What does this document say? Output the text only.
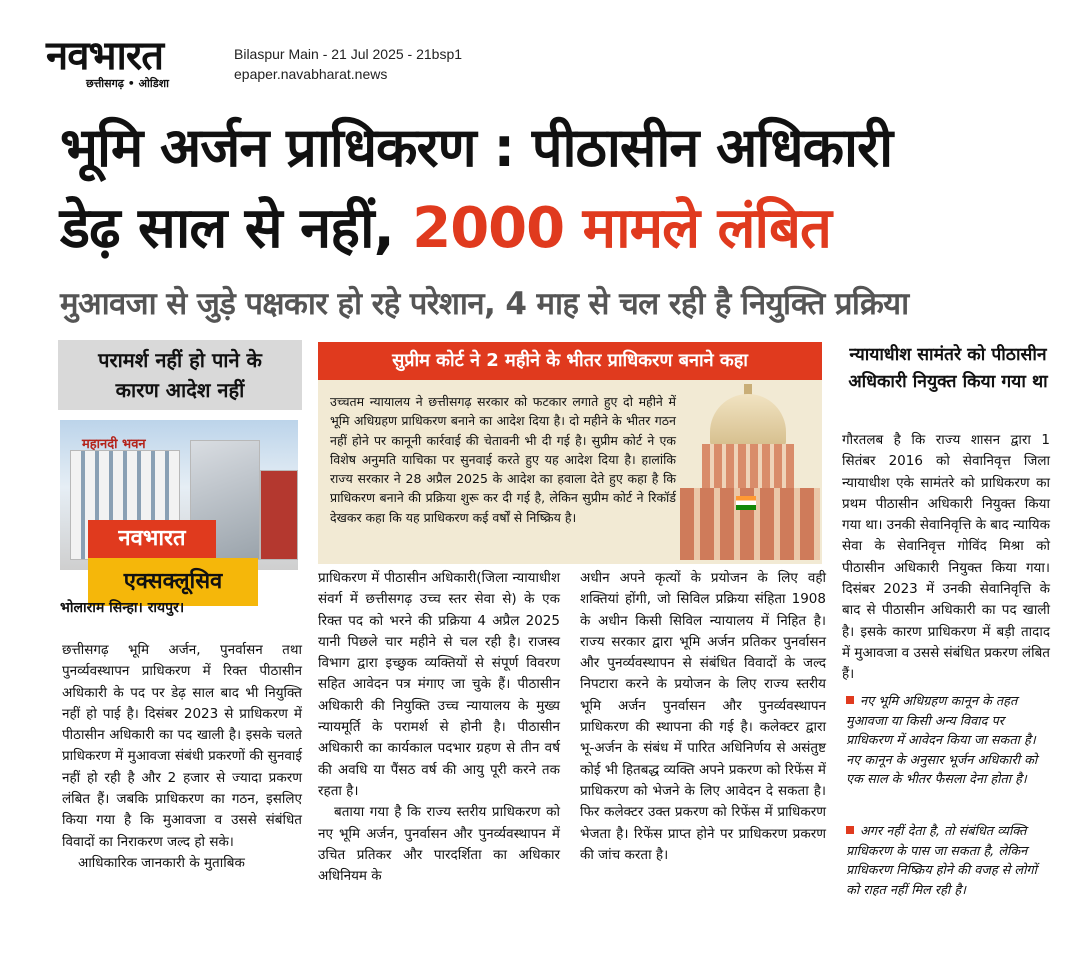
नवभारत
छत्तीसगढ़ • ओडिशा
Bilaspur Main - 21 Jul 2025 - 21bsp1
epaper.navabharat.news
भूमि अर्जन प्राधिकरण : पीठासीन अधिकारी
डेढ़ साल से नहीं, 2000 मामले लंबित
मुआवजा से जुड़े पक्षकार हो रहे परेशान, 4 माह से चल रही है नियुक्ति प्रक्रिया
परामर्श नहीं हो पाने के
कारण आदेश नहीं
महानदी भवन
नवभारत
एक्सक्लूसिव
भोलाराम सिन्हा। रायपुर।

छत्तीसगढ़ भूमि अर्जन, पुनर्वासन तथा पुनर्व्यवस्थापन प्राधिकरण में रिक्त पीठासीन अधिकारी के पद पर डेढ़ साल बाद भी नियुक्ति नहीं हो पाई है। दिसंबर 2023 से प्राधिकरण में पीठासीन अधिकारी का पद खाली है। इसके चलते प्राधिकरण में मुआवजा संबंधी प्रकरणों की सुनवाई नहीं हो रही है और 2 हजार से ज्यादा प्रकरण लंबित हैं। जबकि प्राधिकरण का गठन, इसलिए किया गया है कि मुआवजा व उससे संबंधित विवादों का निराकरण जल्द हो सके।

आधिकारिक जानकारी के मुताबिक

सुप्रीम कोर्ट ने 2 महीने के भीतर प्राधिकरण बनाने कहा
उच्चतम न्यायालय ने छत्तीसगढ़ सरकार को फटकार लगाते हुए दो महीने में भूमि अधिग्रहण प्राधिकरण बनाने का आदेश दिया है। दो महीने के भीतर गठन नहीं होने पर कानूनी कार्रवाई की चेतावनी भी दी गई है। सुप्रीम कोर्ट ने एक विशेष अनुमति याचिका पर सुनवाई करते हुए यह आदेश दिया है। हालांकि राज्य सरकार ने 28 अप्रैल 2025 के आदेश का हवाला देते हुए कहा है कि प्राधिकरण बनाने की प्रक्रिया शुरू कर दी गई है, लेकिन सुप्रीम कोर्ट ने रिकॉर्ड देखकर कहा कि यह प्राधिकरण कई वर्षों से निष्क्रिय है।

प्राधिकरण में पीठासीन अधिकारी(जिला न्यायाधीश संवर्ग में छत्तीसगढ़ उच्च स्तर सेवा से) के एक रिक्त पद को भरने की प्रक्रिया 4 अप्रैल 2025 यानी पिछले चार महीने से चल रही है। राजस्व विभाग द्वारा इच्छुक व्यक्तियों से संपूर्ण विवरण सहित आवेदन पत्र मंगाए जा चुके हैं। पीठासीन अधिकारी की नियुक्ति उच्च न्यायालय के मुख्य न्यायमूर्ति के परामर्श से होनी है। पीठासीन अधिकारी का कार्यकाल पदभार ग्रहण से तीन वर्ष की अवधि या पैंसठ वर्ष की आयु पूरी करने तक रहता है।

बताया गया है कि राज्य स्तरीय प्राधिकरण को नए भूमि अर्जन, पुनर्वासन और पुनर्व्यवस्थापन में उचित प्रतिकर और पारदर्शिता का अधिकार अधिनियम के

अधीन अपने कृत्यों के प्रयोजन के लिए वही शक्तियां होंगी, जो सिविल प्रक्रिया संहिता 1908 के अधीन किसी सिविल न्यायालय में निहित है। राज्य सरकार द्वारा भूमि अर्जन प्रतिकर पुनर्वासन और पुनर्व्यवस्थापन से संबंधित विवादों के जल्द निपटारा करने के प्रयोजन के लिए राज्य स्तरीय भूमि अर्जन पुनर्वासन और पुनर्व्यवस्थापन प्राधिकरण की स्थापना की गई है। कलेक्टर द्वारा भू-अर्जन के संबंध में पारित अधिनिर्णय से असंतुष्ट कोई भी हितबद्ध व्यक्ति अपने प्रकरण को रिफेंस में प्राधिकरण को भेजने के लिए आवेदन दे सकता है। फिर कलेक्टर उक्त प्रकरण को रिफेंस में प्राधिकरण भेजता है। रिफेंस प्राप्त होने पर प्राधिकरण प्रकरण की जांच करता है।

न्यायाधीश सामंतरे को पीठासीन अधिकारी नियुक्त किया गया था

गौरतलब है कि राज्य शासन द्वारा 1 सितंबर 2016 को सेवानिवृत्त जिला न्यायाधीश एके सामंतरे को प्राधिकरण का प्रथम पीठासीन अधिकारी नियुक्त किया गया था। उनकी सेवानिवृत्ति के बाद न्यायिक सेवा के सेवानिवृत्त गोविंद मिश्रा को पीठासीन अधिकारी नियुक्त किया गया। दिसंबर 2023 में उनकी सेवानिवृत्ति के बाद से पीठासीन अधिकारी का पद खाली है। इसके कारण प्राधिकरण में बड़ी तादाद में मुआवजा व उससे संबंधित प्रकरण लंबित हैं।

नए भूमि अधिग्रहण कानून के तहत मुआवजा या किसी अन्य विवाद पर प्राधिकरण में आवेदन किया जा सकता है। नए कानून के अनुसार भूर्जन अधिकारी को एक साल के भीतर फैसला देना होता है।
अगर नहीं देता है, तो संबंधित व्यक्ति प्राधिकरण के पास जा सकता है, लेकिन प्राधिकरण निष्क्रिय होने की वजह से लोगों को राहत नहीं मिल रही है।
